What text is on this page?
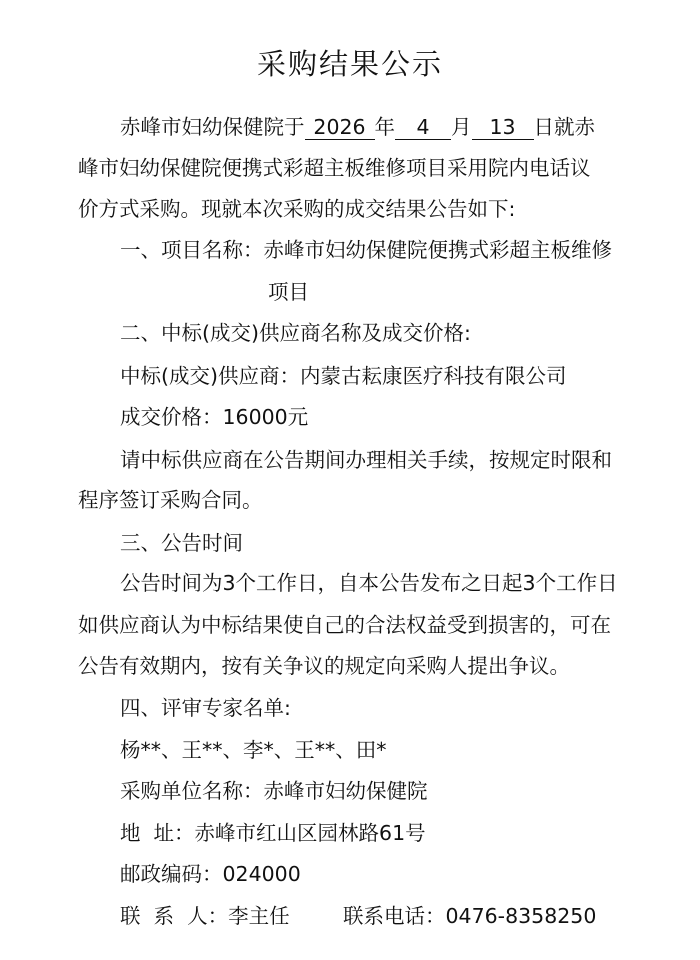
采购结果公示
赤峰市妇幼保健院于 2026 年 4 月 13 日就赤
峰市妇幼保健院便携式彩超主板维修项目采用院内电话议
价方式采购。现就本次采购的成交结果公告如下:
一、项目名称：赤峰市妇幼保健院便携式彩超主板维修
项目
二、中标(成交)供应商名称及成交价格:
中标(成交)供应商：内蒙古耘康医疗科技有限公司
成交价格：16000元
请中标供应商在公告期间办理相关手续，按规定时限和
程序签订采购合同。
三、公告时间
公告时间为3个工作日，自本公告发布之日起3个工作日
如供应商认为中标结果使自己的合法权益受到损害的，可在
公告有效期内，按有关争议的规定向采购人提出争议。
四、评审专家名单:
杨**、王**、李*、王**、田*
采购单位名称：赤峰市妇幼保健院
地  址：赤峰市红山区园林路61号
邮政编码：024000
联  系  人：李主任	联系电话：0476-8358250
